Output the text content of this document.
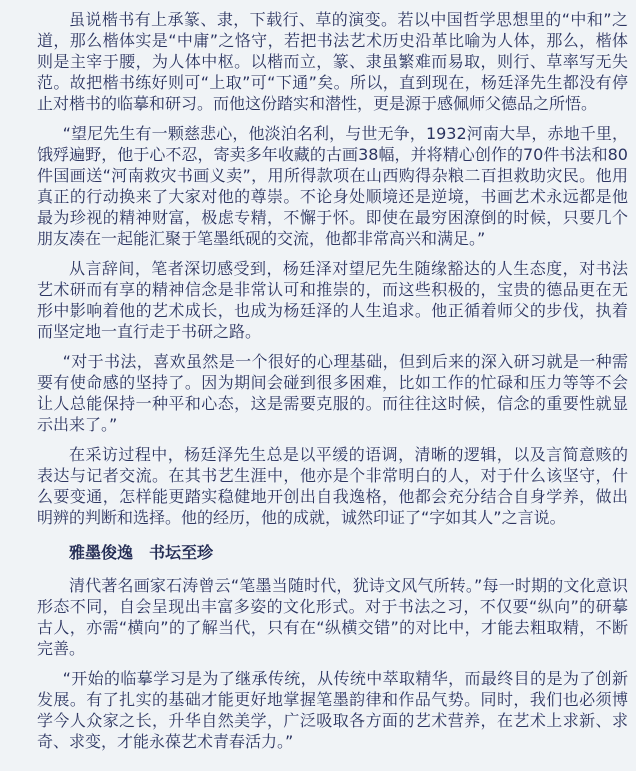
虽说楷书有上承篆、隶，下载行、草的演变。若以中国哲学思想里的“中和”之道，那么楷体实是“中庸”之恪守，若把书法艺术历史沿革比喻为人体，那么，楷体则是主宰于腰，为人体中枢。以楷而立，篆、隶虽繁难而易取，则行、草率写无失范。故把楷书练好则可“上取”可“下通”矣。所以，直到现在，杨廷泽先生都没有停止对楷书的临摹和研习。而他这份踏实和潜性，更是源于感佩师父德品之所悟。

“望尼先生有一颗慈悲心，他淡泊名利，与世无争，1932河南大旱，赤地千里，饿殍遍野，他于心不忍，寄卖多年收藏的古画38幅，并将精心创作的70件书法和80件国画送“河南救灾书画义卖”，用所得款项在山西购得杂粮二百担救助灾民。他用真正的行动换来了大家对他的尊崇。不论身处顺境还是逆境，书画艺术永远都是他最为珍视的精神财富，极虑专精，不懈于怀。即使在最穷困潦倒的时候，只要几个朋友凑在一起能汇聚于笔墨纸砚的交流，他都非常高兴和满足。”

从言辞间，笔者深切感受到，杨廷泽对望尼先生随缘豁达的人生态度，对书法艺术研而有享的精神信念是非常认可和推崇的，而这些积极的，宝贵的德品更在无形中影响着他的艺术成长，也成为杨廷泽的人生追求。他正循着师父的步伐，执着而坚定地一直行走于书研之路。

“对于书法，喜欢虽然是一个很好的心理基础，但到后来的深入研习就是一种需要有使命感的坚持了。因为期间会碰到很多困难，比如工作的忙碌和压力等等不会让人总能保持一种平和心态，这是需要克服的。而往往这时候，信念的重要性就显示出来了。”

在采访过程中，杨廷泽先生总是以平缓的语调，清晰的逻辑，以及言简意赅的表达与记者交流。在其书艺生涯中，他亦是个非常明白的人，对于什么该坚守，什么要变通，怎样能更踏实稳健地开创出自我逸格，他都会充分结合自身学养，做出明辨的判断和选择。他的经历，他的成就，诚然印证了“字如其人”之言说。

雅墨俊逸　书坛至珍

清代著名画家石涛曾云“笔墨当随时代，犹诗文风气所转。”每一时期的文化意识形态不同，自会呈现出丰富多姿的文化形式。对于书法之习，不仅要“纵向”的研摹古人，亦需“横向”的了解当代，只有在“纵横交错”的对比中，才能去粗取精，不断完善。

“开始的临摹学习是为了继承传统，从传统中萃取精华，而最终目的是为了创新发展。有了扎实的基础才能更好地掌握笔墨韵律和作品气势。同时，我们也必须博学今人众家之长，升华自然美学，广泛吸取各方面的艺术营养，在艺术上求新、求奇、求变，才能永葆艺术青春活力。”
